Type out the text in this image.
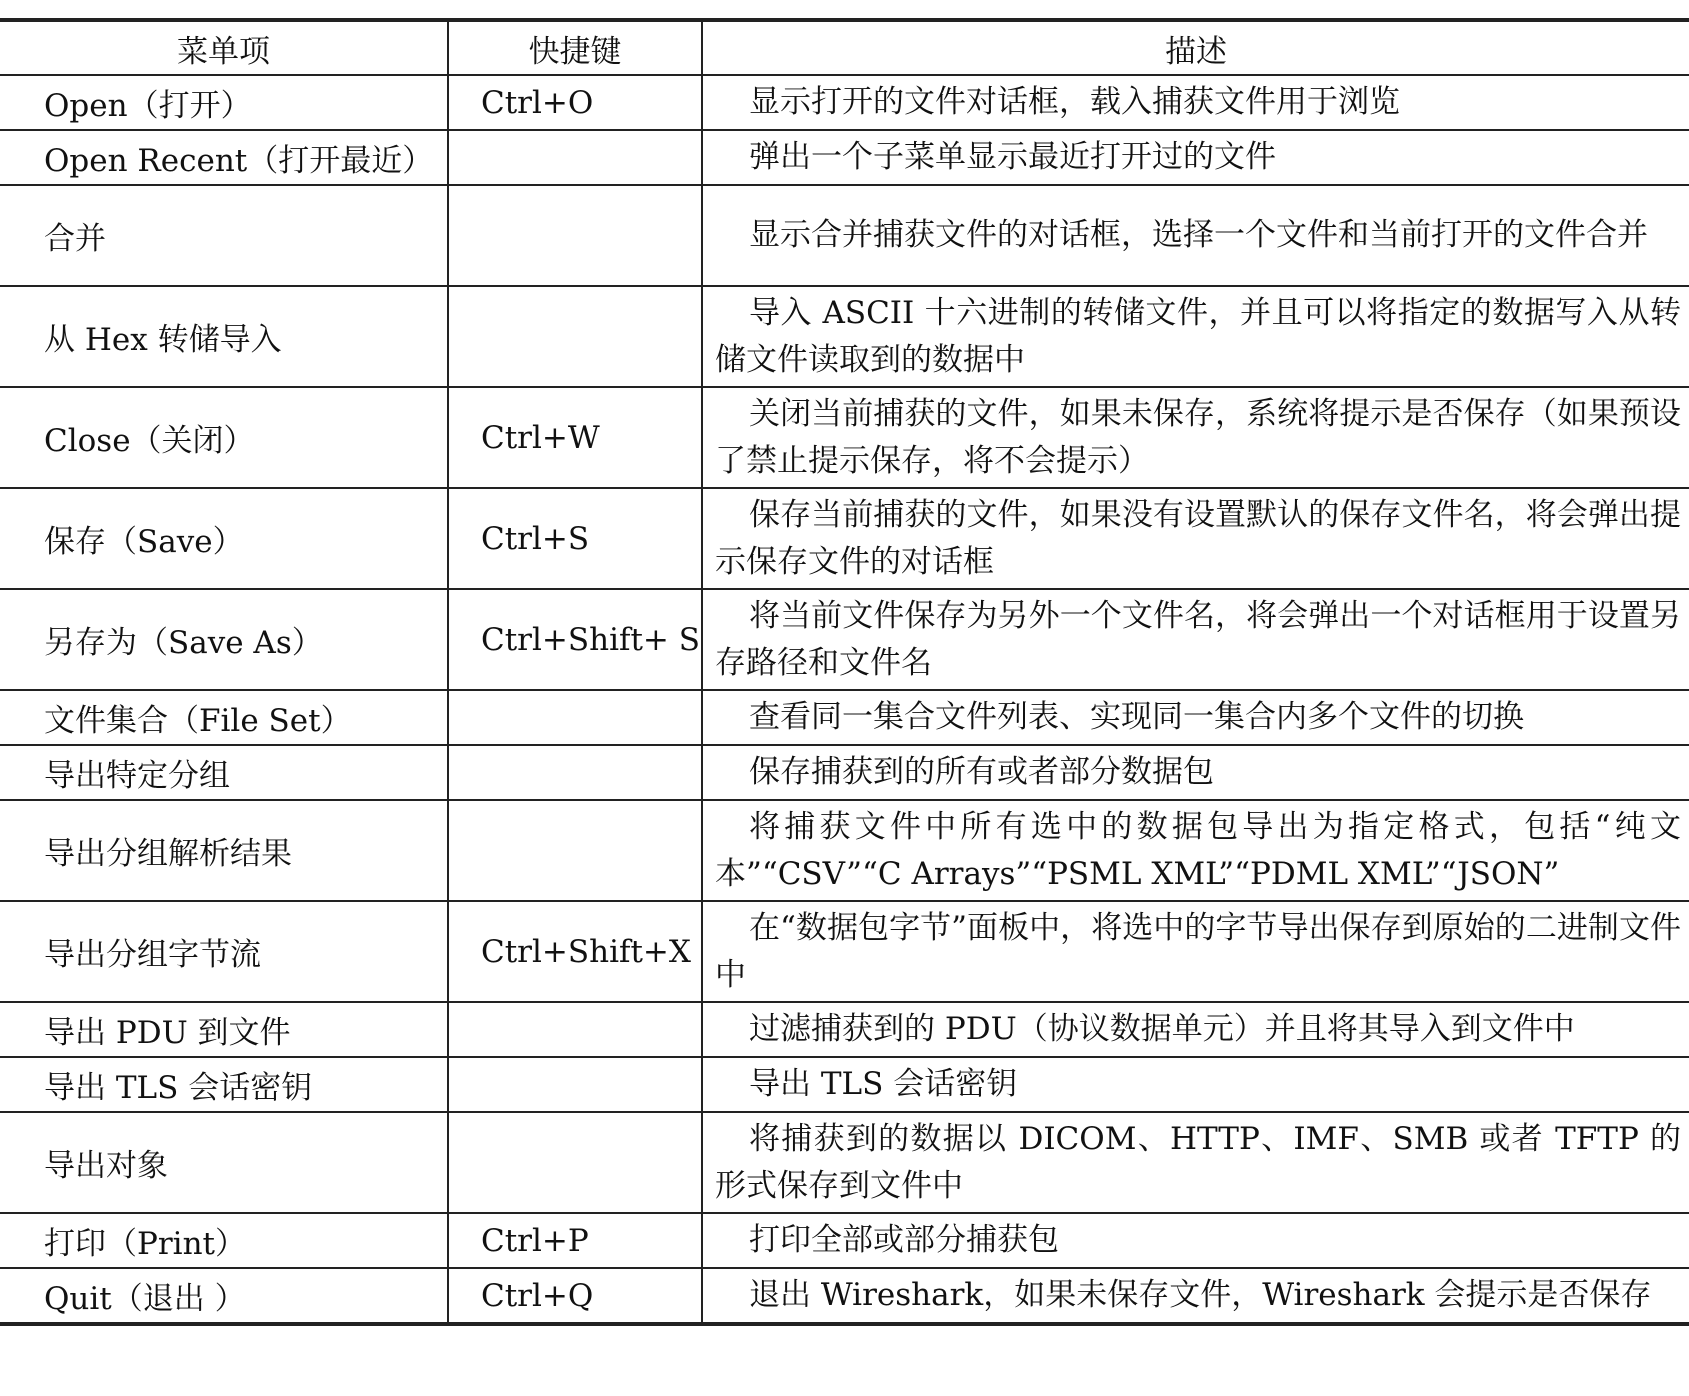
菜单项	快捷键	描述
Open（打开）	Ctrl+O	显示打开的文件对话框，载入捕获文件用于浏览
Open Recent（打开最近）		弹出一个子菜单显示最近打开过的文件
合并		显示合并捕获文件的对话框，选择一个文件和当前打开的文件合并
从 Hex 转储导入		导入 ASCII 十六进制的转储文件，并且可以将指定的数据写入从转储文件读取到的数据中
Close（关闭）	Ctrl+W	关闭当前捕获的文件，如果未保存，系统将提示是否保存（如果预设了禁止提示保存，将不会提示）
保存（Save）	Ctrl+S	保存当前捕获的文件，如果没有设置默认的保存文件名，将会弹出提示保存文件的对话框
另存为（Save As）	Ctrl+Shift+ S	将当前文件保存为另外一个文件名，将会弹出一个对话框用于设置另存路径和文件名
文件集合（File Set）		查看同一集合文件列表、实现同一集合内多个文件的切换
导出特定分组		保存捕获到的所有或者部分数据包
导出分组解析结果		将捕获文件中所有选中的数据包导出为指定格式，包括“纯文本”“CSV”“C Arrays”“PSML XML”“PDML XML”“JSON”
导出分组字节流	Ctrl+Shift+X	在“数据包字节”面板中，将选中的字节导出保存到原始的二进制文件中
导出 PDU 到文件		过滤捕获到的 PDU（协议数据单元）并且将其导入到文件中
导出 TLS 会话密钥		导出 TLS 会话密钥
导出对象		将捕获到的数据以 DICOM、HTTP、IMF、SMB 或者 TFTP 的形式保存到文件中
打印（Print）	Ctrl+P	打印全部或部分捕获包
Quit（退出 ）	Ctrl+Q	退出 Wireshark，如果未保存文件，Wireshark 会提示是否保存
